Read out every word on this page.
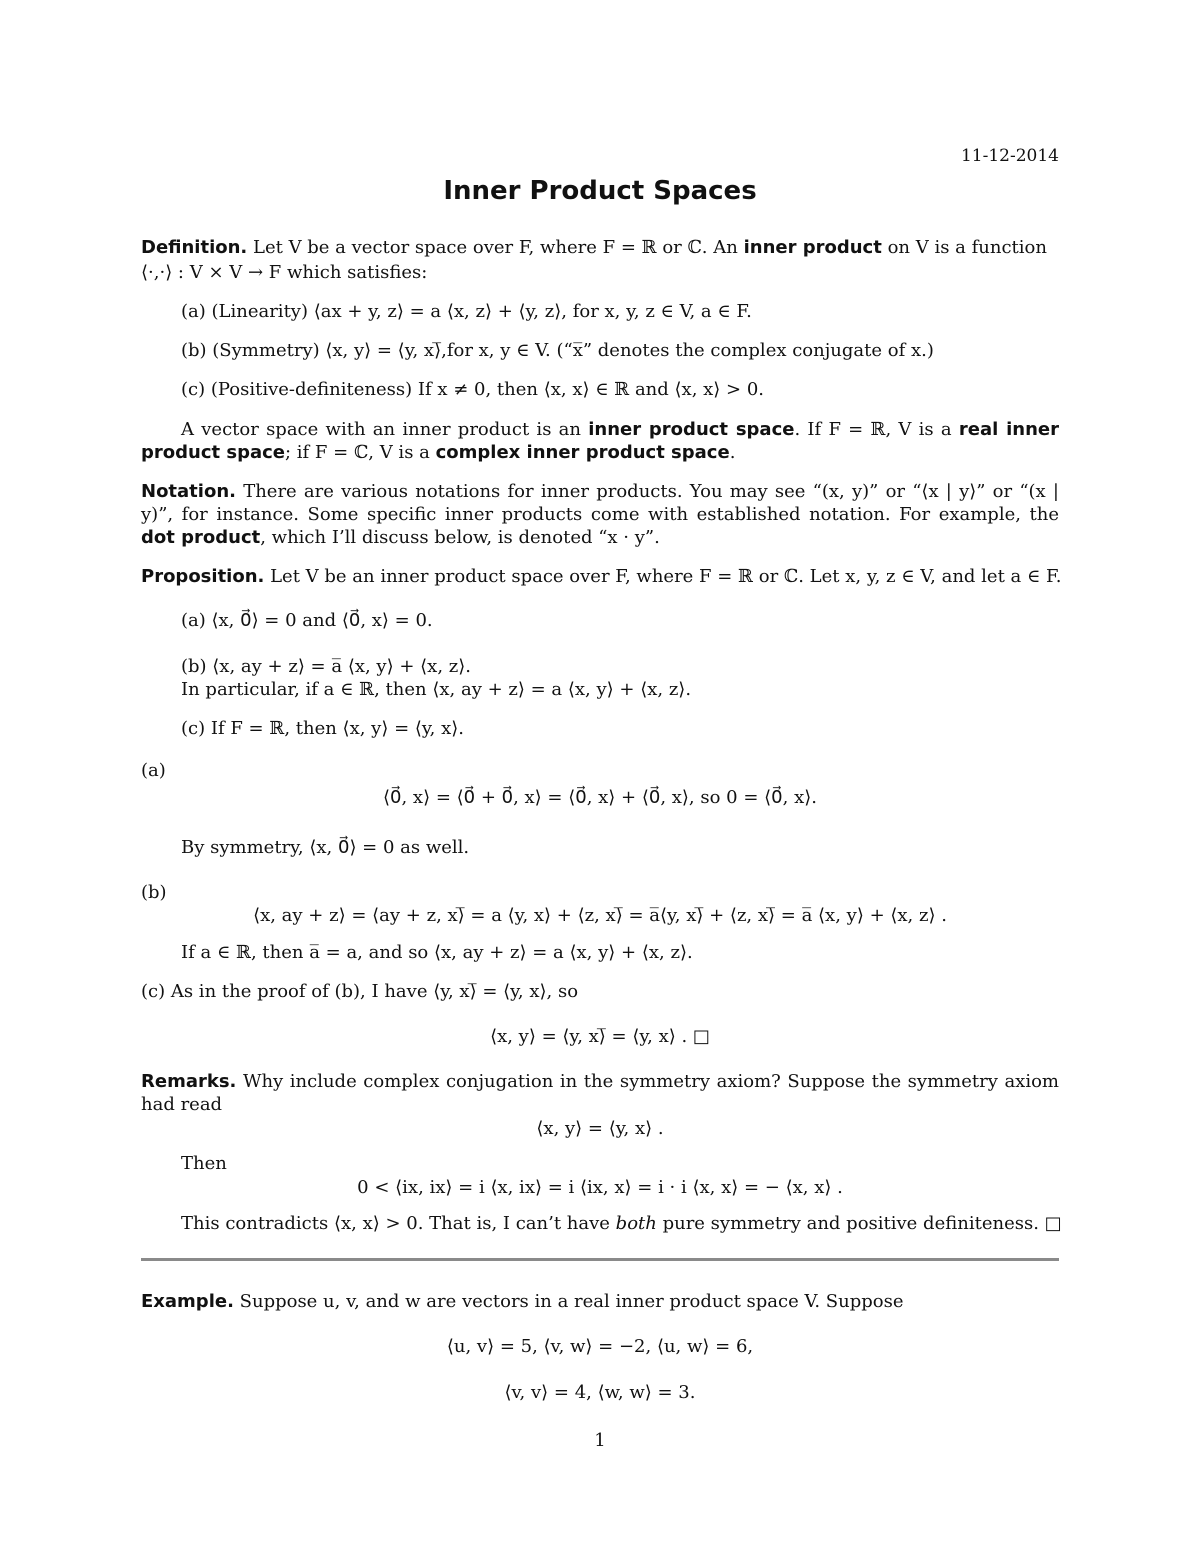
11-12-2014
Inner Product Spaces
Definition. Let V be a vector space over F, where F = ℝ or ℂ. An inner product on V is a function
⟨·,·⟩ : V × V → F which satisfies:
(a) (Linearity) ⟨ax + y, z⟩ = a ⟨x, z⟩ + ⟨y, z⟩, for x, y, z ∈ V, a ∈ F.
(b) (Symmetry) ⟨x, y⟩ = ⟨y, x⟩̅,for x, y ∈ V. (“x̅” denotes the complex conjugate of x.)
(c) (Positive-definiteness) If x ≠ 0, then ⟨x, x⟩ ∈ ℝ and ⟨x, x⟩ > 0.
A vector space with an inner product is an inner product space. If F = ℝ, V is a real inner product space; if F = ℂ, V is a complex inner product space.
Notation. There are various notations for inner products. You may see “(x, y)” or “⟨x | y⟩” or “(x | y)”, for instance. Some specific inner products come with established notation. For example, the dot product, which I’ll discuss below, is denoted “x · y”.
Proposition. Let V be an inner product space over F, where F = ℝ or ℂ. Let x, y, z ∈ V, and let a ∈ F.
(a) ⟨x, 0⃗⟩ = 0 and ⟨0⃗, x⟩ = 0.
(b) ⟨x, ay + z⟩ = a̅ ⟨x, y⟩ + ⟨x, z⟩.
In particular, if a ∈ ℝ, then ⟨x, ay + z⟩ = a ⟨x, y⟩ + ⟨x, z⟩.
(c) If F = ℝ, then ⟨x, y⟩ = ⟨y, x⟩.
(a)
⟨0⃗, x⟩ = ⟨0⃗ + 0⃗, x⟩ = ⟨0⃗, x⟩ + ⟨0⃗, x⟩, so 0 = ⟨0⃗, x⟩.
By symmetry, ⟨x, 0⃗⟩ = 0 as well.
(b)
⟨x, ay + z⟩ = ⟨ay + z, x⟩̅ = a ⟨y, x⟩ + ⟨z, x⟩̅ = a̅⟨y, x⟩̅ + ⟨z, x⟩̅ = a̅ ⟨x, y⟩ + ⟨x, z⟩ .
If a ∈ ℝ, then a̅ = a, and so ⟨x, ay + z⟩ = a ⟨x, y⟩ + ⟨x, z⟩.
(c) As in the proof of (b), I have ⟨y, x⟩̅ = ⟨y, x⟩, so
⟨x, y⟩ = ⟨y, x⟩̅ = ⟨y, x⟩ . □
Remarks. Why include complex conjugation in the symmetry axiom? Suppose the symmetry axiom had read
⟨x, y⟩ = ⟨y, x⟩ .
Then
0 < ⟨ix, ix⟩ = i ⟨x, ix⟩ = i ⟨ix, x⟩ = i · i ⟨x, x⟩ = − ⟨x, x⟩ .
This contradicts ⟨x, x⟩ > 0. That is, I can’t have both pure symmetry and positive definiteness. □
Example. Suppose u, v, and w are vectors in a real inner product space V. Suppose
⟨u, v⟩ = 5, ⟨v, w⟩ = −2, ⟨u, w⟩ = 6,
⟨v, v⟩ = 4, ⟨w, w⟩ = 3.
1
